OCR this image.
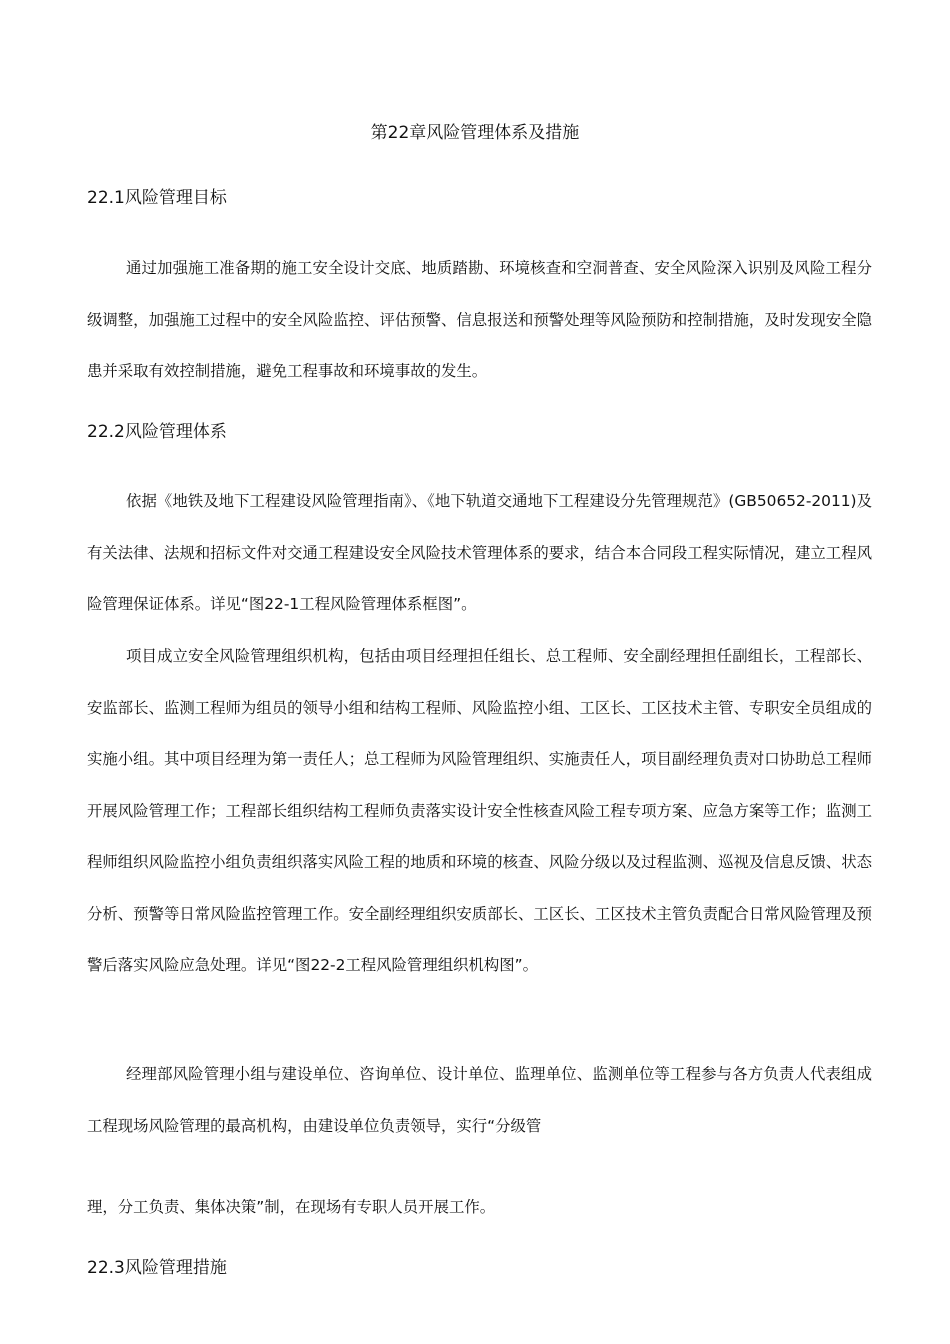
第22章风险管理体系及措施
22.1风险管理目标

通过加强施工准备期的施工安全设计交底、地质踏勘、环境核查和空洞普查、安全风险深入识别及风险工程分级调整，加强施工过程中的安全风险监控、评估预警、信息报送和预警处理等风险预防和控制措施，及时发现安全隐患并采取有效控制措施，避免工程事故和环境事故的发生。

22.2风险管理体系

依据《地铁及地下工程建设风险管理指南》、《地下轨道交通地下工程建设分先管理规范》(GB50652-2011)及有关法律、法规和招标文件对交通工程建设安全风险技术管理体系的要求，结合本合同段工程实际情况，建立工程风险管理保证体系。详见“图22-1工程风险管理体系框图”。

项目成立安全风险管理组织机构，包括由项目经理担任组长、总工程师、安全副经理担任副组长，工程部长、安监部长、监测工程师为组员的领导小组和结构工程师、风险监控小组、工区长、工区技术主管、专职安全员组成的实施小组。其中项目经理为第一责任人；总工程师为风险管理组织、实施责任人，项目副经理负责对口协助总工程师开展风险管理工作；工程部长组织结构工程师负责落实设计安全性核查风险工程专项方案、应急方案等工作；监测工程师组织风险监控小组负责组织落实风险工程的地质和环境的核查、风险分级以及过程监测、巡视及信息反馈、状态分析、预警等日常风险监控管理工作。安全副经理组织安质部长、工区长、工区技术主管负责配合日常风险管理及预警后落实风险应急处理。详见“图22-2工程风险管理组织机构图”。

经理部风险管理小组与建设单位、咨询单位、设计单位、监理单位、监测单位等工程参与各方负责人代表组成工程现场风险管理的最高机构，由建设单位负责领导，实行“分级管

理，分工负责、集体决策”制，在现场有专职人员开展工作。

22.3风险管理措施
